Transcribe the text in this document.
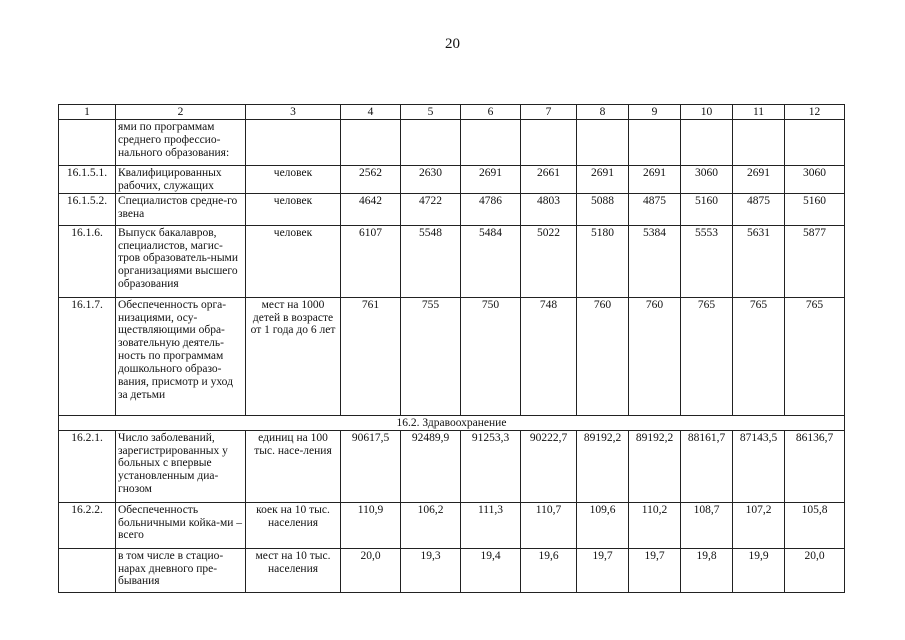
20
1	2	3	4	5	6	7	8	9	10	11	12
	ями по программам среднего профессио-нального образования:										
16.1.5.1.	Квалифицированных рабочих, служащих	человек	2562	2630	2691	2661	2691	2691	3060	2691	3060
16.1.5.2.	Специалистов средне-го звена	человек	4642	4722	4786	4803	5088	4875	5160	4875	5160
16.1.6.	Выпуск бакалавров, специалистов, магис-тров образователь-ными организациями высшего образования	человек	6107	5548	5484	5022	5180	5384	5553	5631	5877
16.1.7.	Обеспеченность орга-низациями, осу-ществляющими обра-зовательную деятель-ность по программам дошкольного образо-вания, присмотр и уход за детьми	мест на 1000 детей в возрасте от 1 года до 6 лет	761	755	750	748	760	760	765	765	765
16.2. Здравоохранение											
16.2.1.	Число заболеваний, зарегистрированных у больных с впервые установленным диа-гнозом	единиц на 100 тыс. насе-ления	90617,5	92489,9	91253,3	90222,7	89192,2	89192,2	88161,7	87143,5	86136,7
16.2.2.	Обеспеченность больничными койка-ми – всего	коек на 10 тыс. населения	110,9	106,2	111,3	110,7	109,6	110,2	108,7	107,2	105,8
	в том числе в стацио-нарах дневного пре-бывания	мест на 10 тыс. населения	20,0	19,3	19,4	19,6	19,7	19,7	19,8	19,9	20,0
